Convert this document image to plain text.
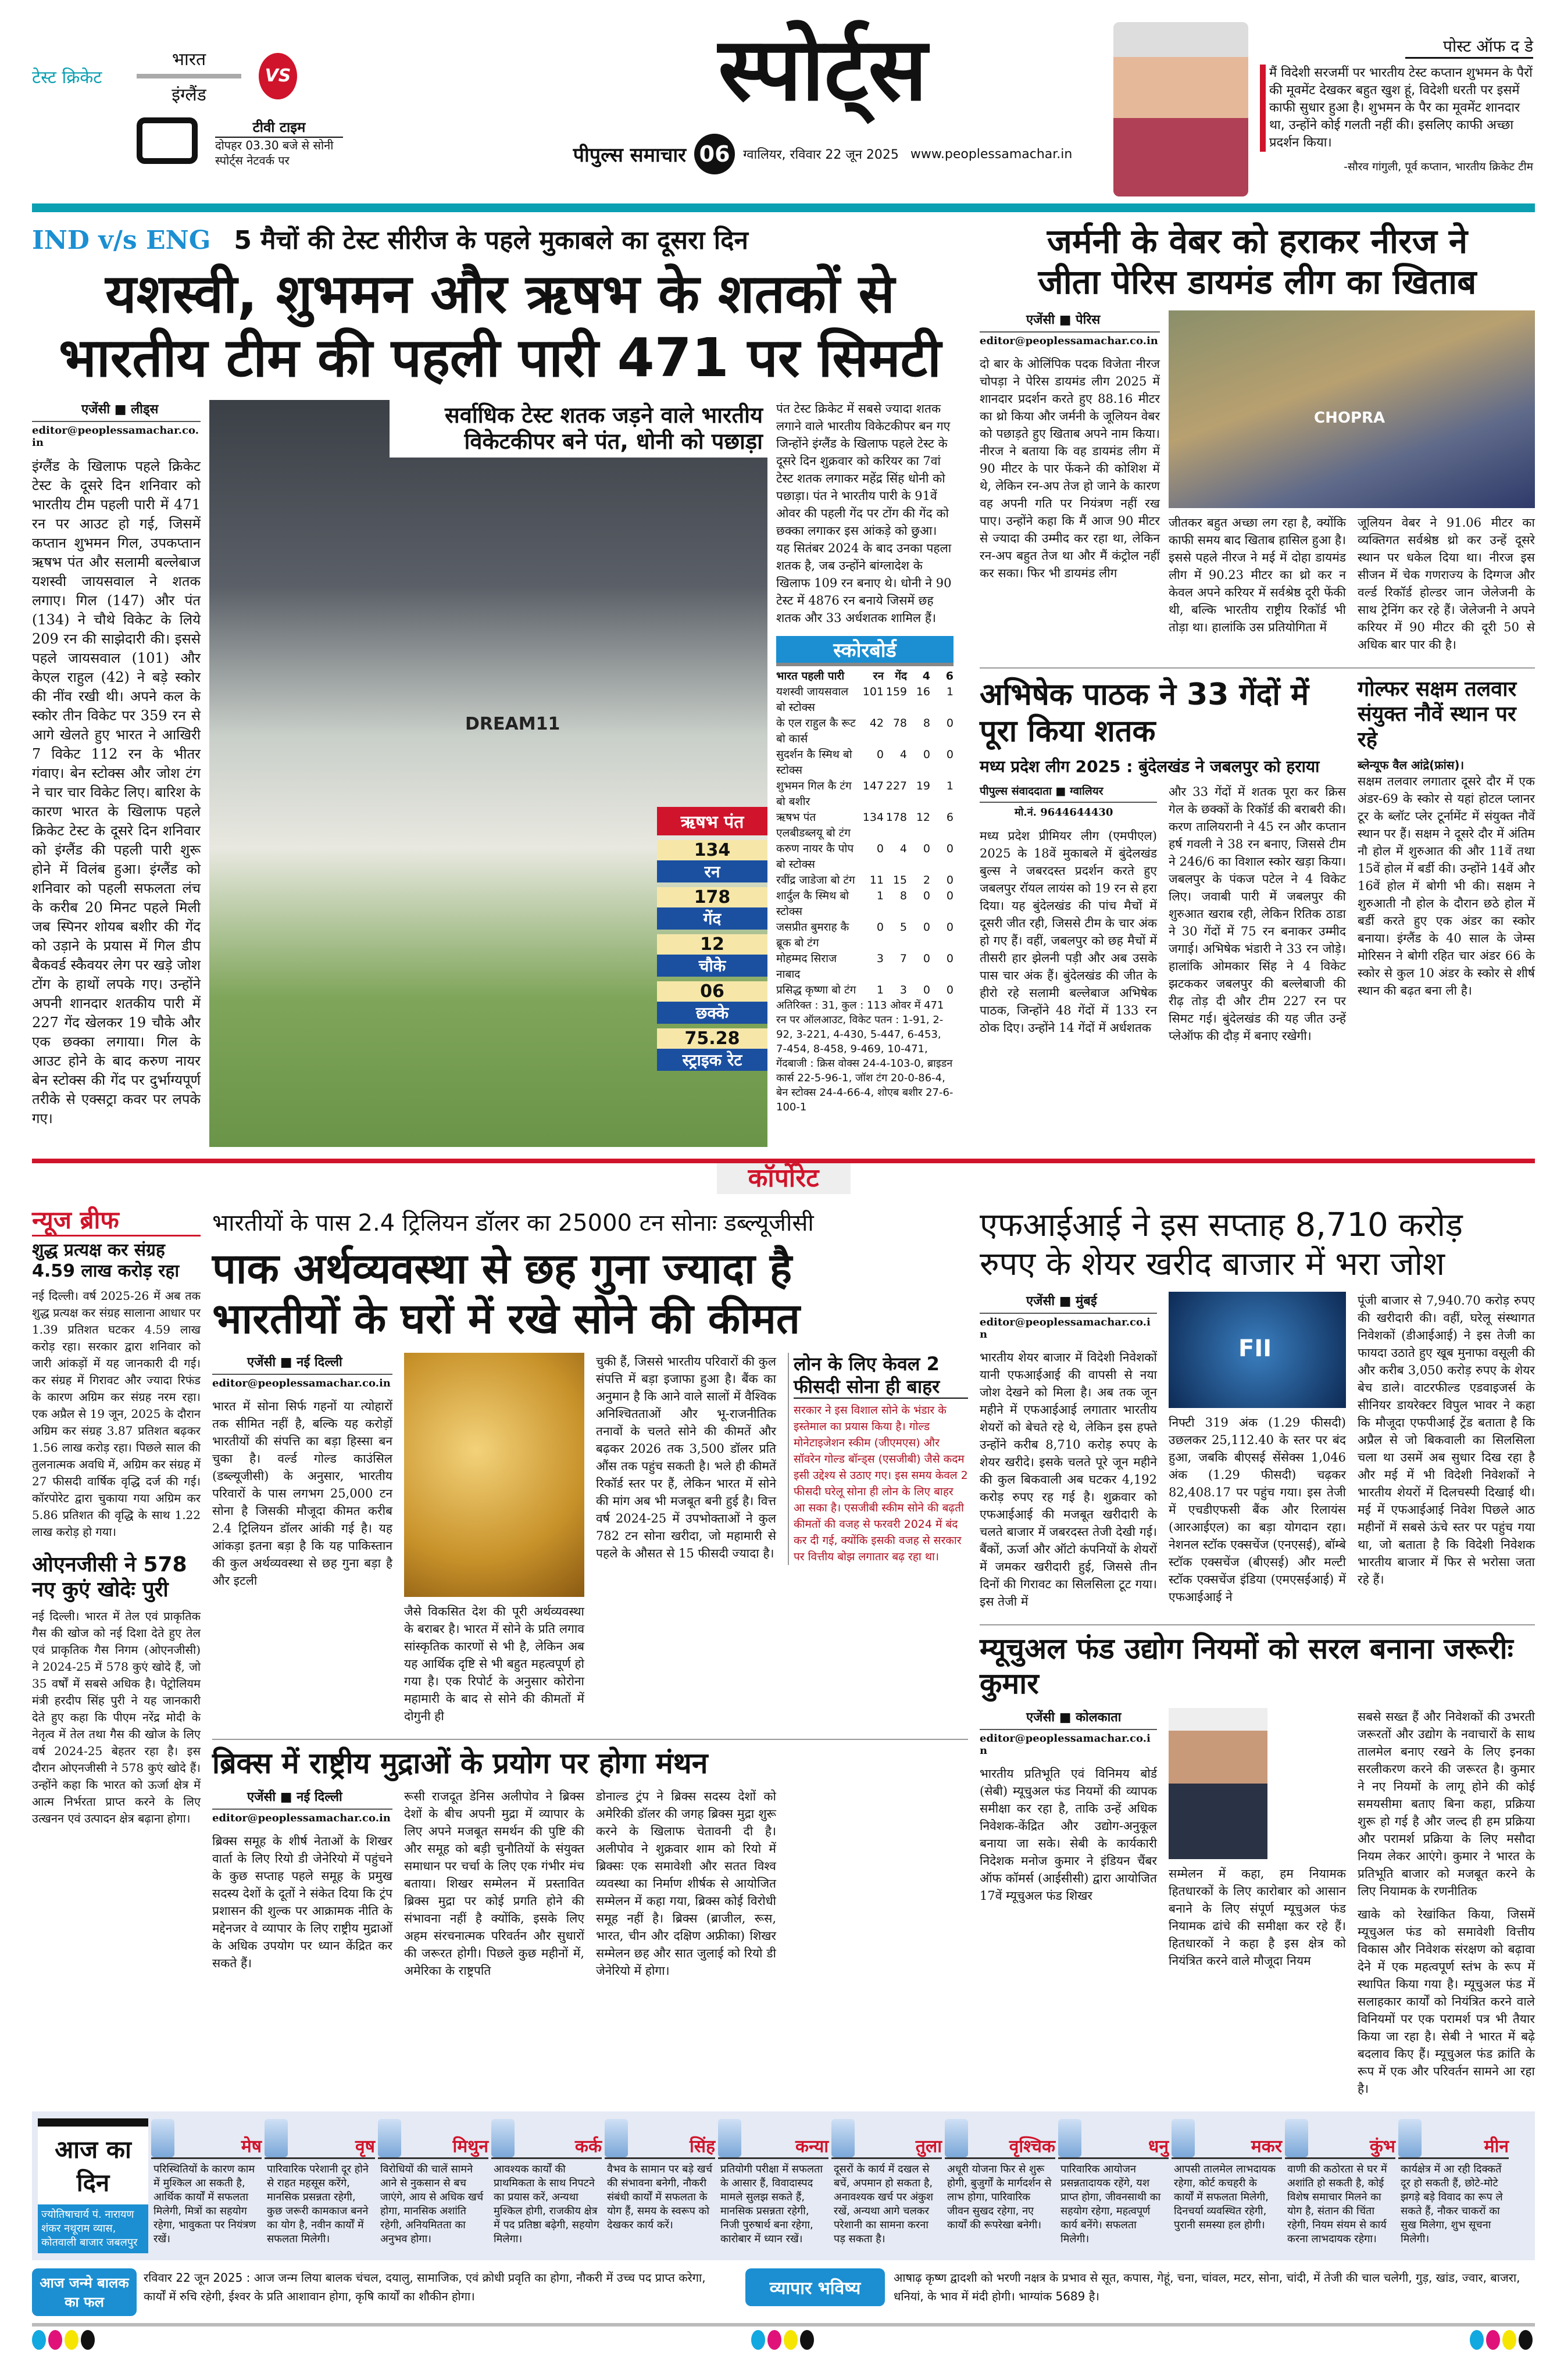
टेस्ट क्रिकेट
भारत
इंग्लैंड
VS
टीवी टाइम
दोपहर 03.30 बजे से सोनी स्पोर्ट्स नेटवर्क पर
स्पोर्ट्स
पीपुल्स समाचार 06	ग्वालियर, रविवार 22 जून 2025 www.peoplessamachar.in
पोस्ट ऑफ द डे
मैं विदेशी सरजमीं पर भारतीय टेस्ट कप्तान शुभमन के पैरों की मूवमेंट देखकर बहुत खुश हूं, विदेशी धरती पर इसमें काफी सुधार हुआ है। शुभमन के पैर का मूवमेंट शानदार था, उन्होंने कोई गलती नहीं की। इसलिए काफी अच्छा प्रदर्शन किया।
-सौरव गांगुली, पूर्व कप्तान, भारतीय क्रिकेट टीम
IND v/s ENG 5 मैचों की टेस्ट सीरीज के पहले मुकाबले का दूसरा दिन
यशस्वी, शुभमन और ऋषभ के शतकों से
भारतीय टीम की पहली पारी 471 पर सिमटी
एजेंसी ■ लीड्स
editor@peoplessamachar.co.in
इंग्लैंड के खिलाफ पहले क्रिकेट टेस्ट के दूसरे दिन शनिवार को भारतीय टीम पहली पारी में 471 रन पर आउट हो गई, जिसमें कप्तान शुभमन गिल, उपकप्तान ऋषभ पंत और सलामी बल्लेबाज यशस्वी जायसवाल ने शतक लगाए। गिल (147) और पंत (134) ने चौथे विकेट के लिये 209 रन की साझेदारी की। इससे पहले जायसवाल (101) और केएल राहुल (42) ने बड़े स्कोर की नींव रखी थी। अपने कल के स्कोर तीन विकेट पर 359 रन से आगे खेलते हुए भारत ने आखिरी 7 विकेट 112 रन के भीतर गंवाए। बेन स्टोक्स और जोश टंग ने चार चार विकेट लिए। बारिश के कारण भारत के खिलाफ पहले क्रिकेट टेस्ट के दूसरे दिन शनिवार को इंग्लैंड की पहली पारी शुरू होने में विलंब हुआ। इंग्लैंड को शनिवार को पहली सफलता लंच के करीब 20 मिनट पहले मिली जब स्पिनर शोयब बशीर की गेंद को उड़ाने के प्रयास में गिल डीप बैकवर्ड स्कैवयर लेग पर खड़े जोश टोंग के हाथों लपके गए। उन्होंने अपनी शानदार शतकीय पारी में 227 गेंद खेलकर 19 चौके और एक छक्का लगाया। गिल के आउट होने के बाद करुण नायर बेन स्टोक्स की गेंद पर दुर्भाग्यपूर्ण तरीके से एक्सट्रा कवर पर लपके गए।
सर्वाधिक टेस्ट शतक जड़ने वाले भारतीय विकेटकीपर बने पंत, धोनी को पछाड़ा
DREAM11
ऋषभ पंत
134
रन
178
गेंद
12
चौके
06
छक्के
75.28
स्ट्राइक रेट
पंत टेस्ट क्रिकेट में सबसे ज्यादा शतक लगाने वाले भारतीय विकेटकीपर बन गए जिन्होंने इंग्लैंड के खिलाफ पहले टेस्ट के दूसरे दिन शुक्रवार को करियर का 7वां टेस्ट शतक लगाकर महेंद्र सिंह धोनी को पछाड़ा। पंत ने भारतीय पारी के 91वें ओवर की पहली गेंद पर टोंग की गेंद को छक्का लगाकर इस आंकड़े को छुआ। यह सितंबर 2024 के बाद उनका पहला शतक है, जब उन्होंने बांग्लादेश के खिलाफ 109 रन बनाए थे। धोनी ने 90 टेस्ट में 4876 रन बनाये जिसमें छह शतक और 33 अर्धशतक शामिल हैं।
स्कोरबोर्ड
भारत पहली पारी	रन	गेंद	4	6
यशस्वी जायसवाल बो स्टोक्स
101 159 16	1
के एल राहुल कै रूट बो कार्स
42 78	8	0
सुदर्शन कै स्मिथ बो स्टोक्स
0	4	0	0
शुभमन गिल कै टंग बो बशीर
147 227 19	1
ऋषभ पंत एलबीडब्लयू बो टंग
134 178 12	6
करुण नायर कै पोप बो स्टोक्स
0	4	0	0
रवींद्र जाडेजा बो टंग	11 15	2	0
शार्दुल कै स्मिथ बो स्टोक्स
1	8	0	0
जसप्रीत बुमराह कै ब्रूक बो टंग
0	5	0	0
मोहम्मद सिराज नाबाद
3	7	0	0
प्रसिद्ध कृष्णा बो टंग	1	3	0	0
अतिरिक्त : 31, कुल : 113 ओवर में 471 रन पर ऑलआउट, विकेट पतन : 1-91, 2-92, 3-221, 4-430, 5-447, 6-453, 7-454, 8-458, 9-469, 10-471, गेंदबाजी : क्रिस वोक्स 24-4-103-0, ब्राइडन कार्स 22-5-96-1, जॉश टंग 20-0-86-4, बेन स्टोक्स 24-4-66-4, शोएब बशीर 27-6-100-1
जर्मनी के वेबर को हराकर नीरज ने
जीता पेरिस डायमंड लीग का खिताब
एजेंसी ■ पेरिस
editor@peoplessamachar.co.in
दो बार के ओलिंपिक पदक विजेता नीरज चोपड़ा ने पेरिस डायमंड लीग 2025 में शानदार प्रदर्शन करते हुए 88.16 मीटर का थ्रो किया और जर्मनी के जूलियन वेबर को पछाड़ते हुए खिताब अपने नाम किया। नीरज ने बताया कि वह डायमंड लीग में 90 मीटर के पार फेंकने की कोशिश में थे, लेकिन रन-अप तेज हो जाने के कारण वह अपनी गति पर नियंत्रण नहीं रख पाए। उन्होंने कहा कि मैं आज 90 मीटर से ज्यादा की उम्मीद कर रहा था, लेकिन रन-अप बहुत तेज था और मैं कंट्रोल नहीं कर सका। फिर भी डायमंड लीग
CHOPRA
जीतकर बहुत अच्छा लग रहा है, क्योंकि काफी समय बाद खिताब हासिल हुआ है। इससे पहले नीरज ने मई में दोहा डायमंड लीग में 90.23 मीटर का थ्रो कर न केवल अपने करियर में सर्वश्रेष्ठ दूरी फेंकी थी, बल्कि भारतीय राष्ट्रीय रिकॉर्ड भी तोड़ा था। हालांकि उस प्रतियोगिता में
जूलियन वेबर ने 91.06 मीटर का व्यक्तिगत सर्वश्रेष्ठ थ्रो कर उन्हें दूसरे स्थान पर धकेल दिया था। नीरज इस सीजन में चेक गणराज्य के दिग्गज और वर्ल्ड रिकॉर्ड होल्डर जान जेलेजनी के साथ ट्रेनिंग कर रहे हैं। जेलेजनी ने अपने करियर में 90 मीटर की दूरी 50 से अधिक बार पार की है।
अभिषेक पाठक ने 33 गेंदों में पूरा किया शतक
मध्य प्रदेश लीग 2025 : बुंदेलखंड ने जबलपुर को हराया
पीपुल्स संवाददाता ■ ग्वालियर
मो.नं. 9644644430
मध्य प्रदेश प्रीमियर लीग (एमपीएल) 2025 के 18वें मुकाबले में बुंदेलखंड बुल्स ने जबरदस्त प्रदर्शन करते हुए जबलपुर रॉयल लायंस को 19 रन से हरा दिया। यह बुंदेलखंड की पांच मैचों में दूसरी जीत रही, जिससे टीम के चार अंक हो गए हैं। वहीं, जबलपुर को छह मैचों में तीसरी हार झेलनी पड़ी और अब उसके पास चार अंक हैं। बुंदेलखंड की जीत के हीरो रहे सलामी बल्लेबाज अभिषेक पाठक, जिन्होंने 48 गेंदों में 133 रन ठोक दिए। उन्होंने 14 गेंदों में अर्धशतक
और 33 गेंदों में शतक पूरा कर क्रिस गेल के छक्कों के रिकॉर्ड की बराबरी की। करण तालियरानी ने 45 रन और कप्तान हर्ष गवली ने 38 रन बनाए, जिससे टीम ने 246/6 का विशाल स्कोर खड़ा किया। जबलपुर के पंकज पटेल ने 4 विकेट लिए। जवाबी पारी में जबलपुर की शुरुआत खराब रही, लेकिन रितिक ठाडा ने 30 गेंदों में 75 रन बनाकर उम्मीद जगाई। अभिषेक भंडारी ने 33 रन जोड़े। हालांकि ओमकार सिंह ने 4 विकेट झटककर जबलपुर की बल्लेबाजी की रीढ़ तोड़ दी और टीम 227 रन पर सिमट गई। बुंदेलखंड की यह जीत उन्हें प्लेऑफ की दौड़ में बनाए रखेगी।
गोल्फर सक्षम तलवार संयुक्त नौवें स्थान पर रहे
ब्लेन्यूफ वैल आंद्रे(फ्रांस)।
सक्षम तलवार लगातार दूसरे दौर में एक अंडर-69 के स्कोर से यहां होटल प्लानर टूर के ब्लॉट प्लेर टूर्नामेंट में संयुक्त नौवें स्थान पर हैं। सक्षम ने दूसरे दौर में अंतिम नौ होल में शुरुआत की और 11वें तथा 15वें होल में बर्डी की। उन्होंने 14वें और 16वें होल में बोगी भी की। सक्षम ने शुरुआती नौ होल के दौरान छठे होल में बर्डी करते हुए एक अंडर का स्कोर बनाया। इंग्लैंड के 40 साल के जेम्स मोरिसन ने बोगी रहित चार अंडर 66 के स्कोर से कुल 10 अंडर के स्कोर से शीर्ष स्थान की बढ़त बना ली है।
कॉर्पोरेट
न्यूज ब्रीफ
शुद्ध प्रत्यक्ष कर संग्रह 4.59 लाख करोड़ रहा
नई दिल्ली। वर्ष 2025-26 में अब तक शुद्ध प्रत्यक्ष कर संग्रह सालाना आधार पर 1.39 प्रतिशत घटकर 4.59 लाख करोड़ रहा। सरकार द्वारा शनिवार को जारी आंकड़ों में यह जानकारी दी गई। कर संग्रह में गिरावट और ज्यादा रिफंड के कारण अग्रिम कर संग्रह नरम रहा। एक अप्रैल से 19 जून, 2025 के दौरान अग्रिम कर संग्रह 3.87 प्रतिशत बढ़कर 1.56 लाख करोड़ रहा। पिछले साल की तुलनात्मक अवधि में, अग्रिम कर संग्रह में 27 फीसदी वार्षिक वृद्धि दर्ज की गई। कॉरपोरेट द्वारा चुकाया गया अग्रिम कर 5.86 प्रतिशत की वृद्धि के साथ 1.22 लाख करोड़ हो गया।
ओएनजीसी ने 578 नए कुएं खोदेः पुरी
नई दिल्ली। भारत में तेल एवं प्राकृतिक गैस की खोज को नई दिशा देते हुए तेल एवं प्राकृतिक गैस निगम (ओएनजीसी) ने 2024-25 में 578 कुएं खोदे हैं, जो 35 वर्षों में सबसे अधिक है। पेट्रोलियम मंत्री हरदीप सिंह पुरी ने यह जानकारी देते हुए कहा कि पीएम नरेंद्र मोदी के नेतृत्व में तेल तथा गैस की खोज के लिए वर्ष 2024-25 बेहतर रहा है। इस दौरान ओएनजीसी ने 578 कुएं खोदे हैं। उन्होंने कहा कि भारत को ऊर्जा क्षेत्र में आत्म निर्भरता प्राप्त करने के लिए उत्खनन एवं उत्पादन क्षेत्र बढ़ाना होगा।
भारतीयों के पास 2.4 ट्रिलियन डॉलर का 25000 टन सोनाः डब्ल्यूजीसी
पाक अर्थव्यवस्था से छह गुना ज्यादा है
भारतीयों के घरों में रखे सोने की कीमत
एजेंसी ■ नई दिल्ली
editor@peoplessamachar.co.in
भारत में सोना सिर्फ गहनों या त्योहारों तक सीमित नहीं है, बल्कि यह करोड़ों भारतीयों की संपत्ति का बड़ा हिस्सा बन चुका है। वर्ल्ड गोल्ड काउंसिल (डब्ल्यूजीसी) के अनुसार, भारतीय परिवारों के पास लगभग 25,000 टन सोना है जिसकी मौजूदा कीमत करीब 2.4 ट्रिलियन डॉलर आंकी गई है। यह आंकड़ा इतना बड़ा है कि यह पाकिस्तान की कुल अर्थव्यवस्था से छह गुना बड़ा है और इटली
जैसे विकसित देश की पूरी अर्थव्यवस्था के बराबर है। भारत में सोने के प्रति लगाव सांस्कृतिक कारणों से भी है, लेकिन अब यह आर्थिक दृष्टि से भी बहुत महत्वपूर्ण हो गया है। एक रिपोर्ट के अनुसार कोरोना महामारी के बाद से सोने की कीमतों में दोगुनी ही
चुकी हैं, जिससे भारतीय परिवारों की कुल संपत्ति में बड़ा इजाफा हुआ है। बैंक का अनुमान है कि आने वाले सालों में वैश्विक अनिश्चितताओं और भू-राजनीतिक तनावों के चलते सोने की कीमतें और बढ़कर 2026 तक 3,500 डॉलर प्रति औंस तक पहुंच सकती है। भले ही कीमतें रिकॉर्ड स्तर पर हैं, लेकिन भारत में सोने की मांग अब भी मजबूत बनी हुई है। वित्त वर्ष 2024-25 में उपभोक्ताओं ने कुल 782 टन सोना खरीदा, जो महामारी से पहले के औसत से 15 फीसदी ज्यादा है।
लोन के लिए केवल 2 फीसदी सोना ही बाहर
सरकार ने इस विशाल सोने के भंडार के इस्तेमाल का प्रयास किया है। गोल्ड मोनेटाइजेशन स्कीम (जीएमएस) और सॉवरेन गोल्ड बॉन्ड्स (एसजीबी) जैसे कदम इसी उद्देश्य से उठाए गए। इस समय केवल 2 फीसदी घरेलू सोना ही लोन के लिए बाहर आ सका है। एसजीबी स्कीम सोने की बढ़ती कीमतों की वजह से फरवरी 2024 में बंद कर दी गई, क्योंकि इसकी वजह से सरकार पर वित्तीय बोझ लगातार बढ़ रहा था।
ब्रिक्स में राष्ट्रीय मुद्राओं के प्रयोग पर होगा मंथन
एजेंसी ■ नई दिल्ली
editor@peoplessamachar.co.in
ब्रिक्स समूह के शीर्ष नेताओं के शिखर वार्ता के लिए रियो डी जेनेरियो में पहुंचने के कुछ सप्ताह पहले समूह के प्रमुख सदस्य देशों के दूतों ने संकेत दिया कि ट्रंप प्रशासन की शुल्क पर आक्रामक नीति के मद्देनजर वे व्यापार के लिए राष्ट्रीय मुद्राओं के अधिक उपयोग पर ध्यान केंद्रित कर सकते हैं।
रूसी राजदूत डेनिस अलीपोव ने ब्रिक्स देशों के बीच अपनी मुद्रा में व्यापार के लिए अपने मजबूत समर्थन की पुष्टि की और समूह को बड़ी चुनौतियों के संयुक्त समाधान पर चर्चा के लिए एक गंभीर मंच बताया। शिखर सम्मेलन में प्रस्तावित ब्रिक्स मुद्रा पर कोई प्रगति होने की संभावना नहीं है क्योंकि, इसके लिए अहम संरचनात्मक परिवर्तन और सुधारों की जरूरत होगी। पिछले कुछ महीनों में, अमेरिका के राष्ट्रपति
डोनाल्ड ट्रंप ने ब्रिक्स सदस्य देशों को अमेरिकी डॉलर की जगह ब्रिक्स मुद्रा शुरू करने के खिलाफ चेतावनी दी है। अलीपोव ने शुक्रवार शाम को रियो में ब्रिक्सः एक समावेशी और सतत विश्व व्यवस्था का निर्माण शीर्षक से आयोजित सम्मेलन में कहा गया, ब्रिक्स कोई विरोधी समूह नहीं है। ब्रिक्स (ब्राजील, रूस, भारत, चीन और दक्षिण अफ्रीका) शिखर सम्मेलन छह और सात जुलाई को रियो डी जेनेरियो में होगा।
एफआईआई ने इस सप्ताह 8,710 करोड़
रुपए के शेयर खरीद बाजार में भरा जोश
एजेंसी ■ मुंबई
editor@peoplessamachar.co.in
भारतीय शेयर बाजार में विदेशी निवेशकों यानी एफआईआई की वापसी से नया जोश देखने को मिला है। अब तक जून महीने में एफआईआई लगातार भारतीय शेयरों को बेचते रहे थे, लेकिन इस हफ्ते उन्होंने करीब 8,710 करोड़ रुपए के शेयर खरीदे। इसके चलते पूरे जून महीने की कुल बिकवाली अब घटकर 4,192 करोड़ रुपए रह गई है। शुक्रवार को एफआईआई की मजबूत खरीदारी के चलते बाजार में जबरदस्त तेजी देखी गई। बैंकों, ऊर्जा और ऑटो कंपनियों के शेयरों में जमकर खरीदारी हुई, जिससे तीन दिनों की गिरावट का सिलसिला टूट गया। इस तेजी में
FII
निफ्टी 319 अंक (1.29 फीसदी) उछलकर 25,112.40 के स्तर पर बंद हुआ, जबकि बीएसई सेंसेक्स 1,046 अंक (1.29 फीसदी) चढ़कर 82,408.17 पर पहुंच गया। इस तेजी में एचडीएफसी बैंक और रिलायंस (आरआईएल) का बड़ा योगदान रहा। नेशनल स्टॉक एक्सचेंज (एनएसई), बॉम्बे स्टॉक एक्सचेंज (बीएसई) और मल्टी स्टॉक एक्सचेंज इंडिया (एमएसईआई) में एफआईआई ने
पूंजी बाजार से 7,940.70 करोड़ रुपए की खरीदारी की। वहीं, घरेलू संस्थागत निवेशकों (डीआईआई) ने इस तेजी का फायदा उठाते हुए खूब मुनाफा वसूली की और करीब 3,050 करोड़ रुपए के शेयर बेच डाले। वाटरफील्ड एडवाइजर्स के सीनियर डायरेक्टर विपुल भावर ने कहा कि मौजूदा एफपीआई ट्रेंड बताता है कि अप्रैल से जो बिकवाली का सिलसिला चला था उसमें अब सुधार दिख रहा है और मई में भी विदेशी निवेशकों ने भारतीय शेयरों में दिलचस्पी दिखाई थी। मई में एफआईआई निवेश पिछले आठ महीनों में सबसे ऊंचे स्तर पर पहुंच गया था, जो बताता है कि विदेशी निवेशक भारतीय बाजार में फिर से भरोसा जता रहे हैं।
म्यूचुअल फंड उद्योग नियमों को सरल बनाना जरूरीः कुमार
एजेंसी ■ कोलकाता
editor@peoplessamachar.co.in
भारतीय प्रतिभूति एवं विनिमय बोर्ड (सेबी) म्यूचुअल फंड नियमों की व्यापक समीक्षा कर रहा है, ताकि उन्हें अधिक निवेशक-केंद्रित और उद्योग-अनुकूल बनाया जा सके। सेबी के कार्यकारी निदेशक मनोज कुमार ने इंडियन चैंबर ऑफ कॉमर्स (आईसीसी) द्वारा आयोजित 17वें म्यूचुअल फंड शिखर
सम्मेलन में कहा, हम नियामक हितधारकों के लिए कारोबार को आसान बनाने के लिए संपूर्ण म्यूचुअल फंड नियामक ढांचे की समीक्षा कर रहे हैं। हितधारकों ने कहा है इस क्षेत्र को नियंत्रित करने वाले मौजूदा नियम
सबसे सख्त हैं और निवेशकों की उभरती जरूरतों और उद्योग के नवाचारों के साथ तालमेल बनाए रखने के लिए इनका सरलीकरण करने की जरूरत है। कुमार ने नए नियमों के लागू होने की कोई समयसीमा बताए बिना कहा, प्रक्रिया शुरू हो गई है और जल्द ही हम प्रक्रिया और परामर्श प्रक्रिया के लिए मसौदा नियम लेकर आएंगे। कुमार ने भारत के प्रतिभूति बाजार को मजबूत करने के लिए नियामक के रणनीतिक
खाके को रेखांकित किया, जिसमें म्यूचुअल फंड को समावेशी वित्तीय विकास और निवेशक संरक्षण को बढ़ावा देने में एक महत्वपूर्ण स्तंभ के रूप में स्थापित किया गया है। म्यूचुअल फंड में सलाहकार कार्यों को नियंत्रित करने वाले विनियमों पर एक परामर्श पत्र भी तैयार किया जा रहा है। सेबी ने भारत में बढ़े बदलाव किए हैं। म्यूचुअल फंड क्रांति के रूप में एक और परिवर्तन सामने आ रहा है।
आज का दिन
ज्योतिषाचार्य पं. नारायण शंकर नथूराम व्यास, कोतवाली बाजार जबलपुर
मेष
परिस्थितियों के कारण काम में मुश्किल आ सकती है, आर्थिक कार्यों में सफलता मिलेगी, मित्रों का सहयोग रहेगा, भावुकता पर नियंत्रण रखें।
वृष
पारिवारिक परेशानी दूर होने से राहत महसूस करेंगे, मानसिक प्रसन्नता रहेगी, कुछ जरूरी कामकाज बनने का योग है, नवीन कार्यों में सफलता मिलेगी।
मिथुन
विरोधियों की चालें सामने आने से नुकसान से बच जाएंगे, आय से अधिक खर्च होगा, मानसिक अशांति रहेगी, अनियमितता का अनुभव होगा।
कर्क
आवश्यक कार्यों की प्राथमिकता के साथ निपटने का प्रयास करें, अन्यथा मुश्किल होगी, राजकीय क्षेत्र में पद प्रतिष्ठा बढ़ेगी, सहयोग मिलेगा।
सिंह
वैभव के सामान पर बड़े खर्च की संभावना बनेगी, नौकरी संबंधी कार्यों में सफलता के योग हैं, समय के स्वरूप को देखकर कार्य करें।
कन्या
प्रतियोगी परीक्षा में सफलता के आसार हैं, विवादास्पद मामले सुलझ सकते हैं, मानसिक प्रसन्नता रहेगी, निजी पुरुषार्थ बना रहेगा, कारोबार में ध्यान रखें।
तुला
दूसरों के कार्य में दखल से बचें, अपमान हो सकता है, अनावश्यक खर्च पर अंकुश रखें, अन्यथा आगे चलकर परेशानी का सामना करना पड़ सकता है।
वृश्चिक
अधूरी योजना फिर से शुरू होगी, बुजुर्गों के मार्गदर्शन से लाभ होगा, पारिवारिक जीवन सुखद रहेगा, नए कार्यों की रूपरेखा बनेगी।
धनु
पारिवारिक आयोजन प्रसन्नतादायक रहेंगे, यश प्राप्त होगा, जीवनसाथी का सहयोग रहेगा, महत्वपूर्ण कार्य बनेंगे। सफलता मिलेगी।
मकर
आपसी तालमेल लाभदायक रहेगा, कोर्ट कचहरी के कार्यों में सफलता मिलेगी, दिनचर्या व्यवस्थित रहेगी, पुरानी समस्या हल होगी।
कुंभ
वाणी की कठोरता से घर में अशांति हो सकती है, कोई विशेष समाचार मिलने का योग है, संतान की चिंता रहेगी, नियम संयम से कार्य करना लाभदायक रहेगा।
मीन
कार्यक्षेत्र में आ रही दिक्कतें दूर हो सकती हैं, छोटे-मोटे झगड़े बड़े विवाद का रूप ले सकते हैं, नौकर चाकरों का सुख मिलेगा, शुभ सूचना मिलेगी।
आज जन्मे बालक का फल
रविवार 22 जून 2025 : आज जन्म लिया बालक चंचल, दयालु, सामाजिक, एवं क्रोधी प्रवृति का होगा, नौकरी में उच्च पद प्राप्त करेगा, कार्यों में रुचि रहेगी, ईश्वर के प्रति आशावान होगा, कृषि कार्यों का शौकीन होगा।	व्यापार भविष्य
आषाढ़ कृष्ण द्वादशी को भरणी नक्षत्र के प्रभाव से सूत, कपास, गेहूं, चना, चांवल, मटर, सोना, चांदी, में तेजी की चाल चलेगी, गुड़, खांड, ज्वार, बाजरा, धनियां, के भाव में मंदी होगी। भाग्यांक 5689 है।
